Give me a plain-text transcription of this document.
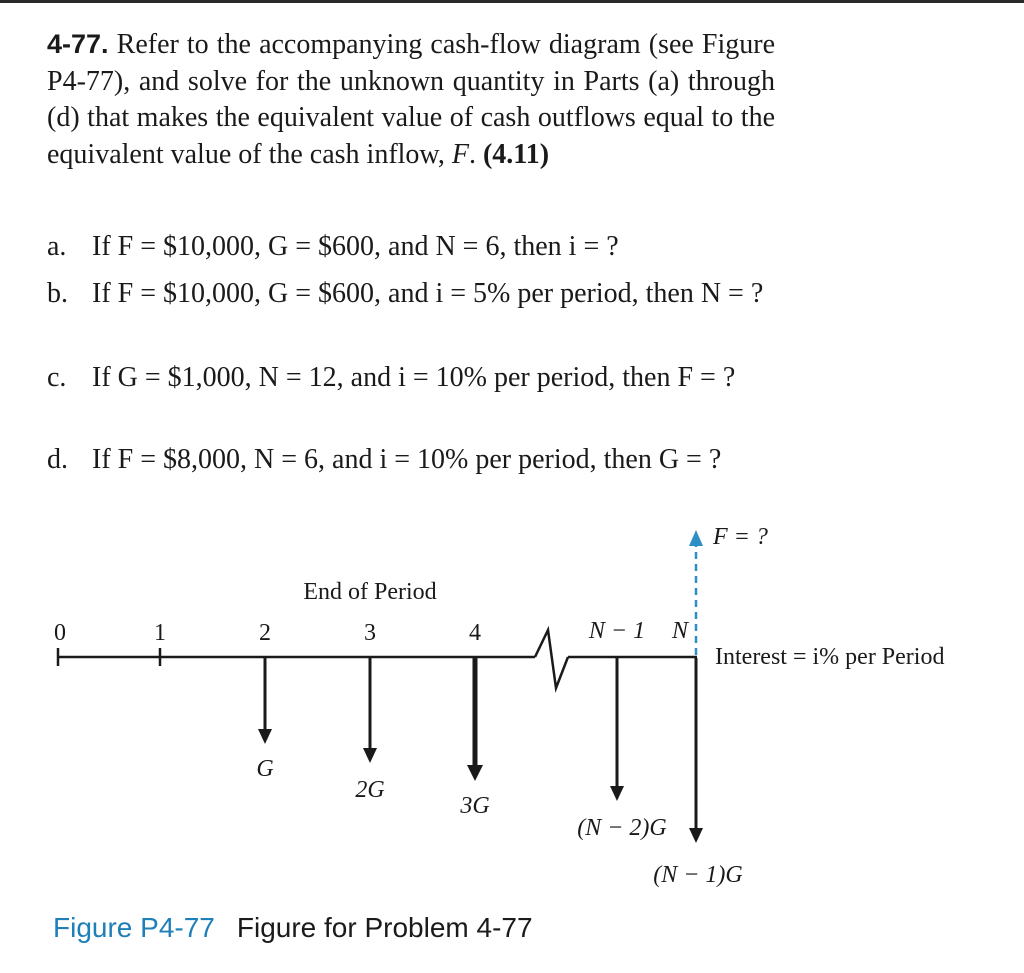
4-77. Refer to the accompanying cash-flow diagram (see Figure P4-77), and solve for the unknown quantity in Parts (a) through (d) that makes the equivalent value of cash outflows equal to the equivalent value of the cash inflow, F. (4.11)
a. If F = $10,000, G = $600, and N = 6, then i = ?
b. If F = $10,000, G = $600, and i = 5% per period, then N = ?
c. If G = $1,000, N = 12, and i = 10% per period, then F = ?
d. If F = $8,000, N = 6, and i = 10% per period, then G = ?
End of Period
0	1	2	3	4	N − 1 N
F = ?
Interest = i% per Period
G
2G
3G
(N − 2)G
(N − 1)G
Figure P4-77 Figure for Problem 4-77
